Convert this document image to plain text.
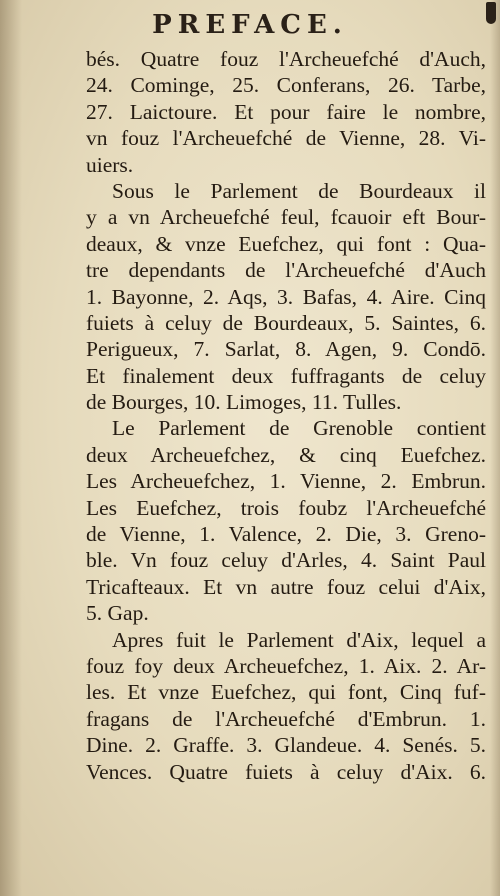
PREFACE.
bés. Quatre fouz l'Archeuefché d'Auch,
24. Cominge, 25. Conferans, 26. Tarbe,
27. Laictoure. Et pour faire le nombre,
vn fouz l'Archeuefché de Vienne, 28. Vi-
uiers.
Sous le Parlement de Bourdeaux il
y a vn Archeuefché feul, fcauoir eft Bour-
deaux, & vnze Euefchez, qui font : Qua-
tre dependants de l'Archeuefché d'Auch
1. Bayonne, 2. Aqs, 3. Bafas, 4. Aire. Cinq
fuiets à celuy de Bourdeaux, 5. Saintes, 6.
Perigueux, 7. Sarlat, 8. Agen, 9. Condō.
Et finalement deux fuffragants de celuy
de Bourges, 10. Limoges, 11. Tulles.
Le Parlement de Grenoble contient
deux Archeuefchez, & cinq Euefchez.
Les Archeuefchez, 1. Vienne, 2. Embrun.
Les Euefchez, trois foubz l'Archeuefché
de Vienne, 1. Valence, 2. Die, 3. Greno-
ble. Vn fouz celuy d'Arles, 4. Saint Paul
Tricafteaux. Et vn autre fouz celui d'Aix,
5. Gap.
Apres fuit le Parlement d'Aix, lequel a
fouz foy deux Archeuefchez, 1. Aix. 2. Ar-
les. Et vnze Euefchez, qui font, Cinq fuf-
fragans de l'Archeuefché d'Embrun. 1.
Dine. 2. Graffe. 3. Glandeue. 4. Senés. 5.
Vences. Quatre fuiets à celuy d'Aix. 6.
